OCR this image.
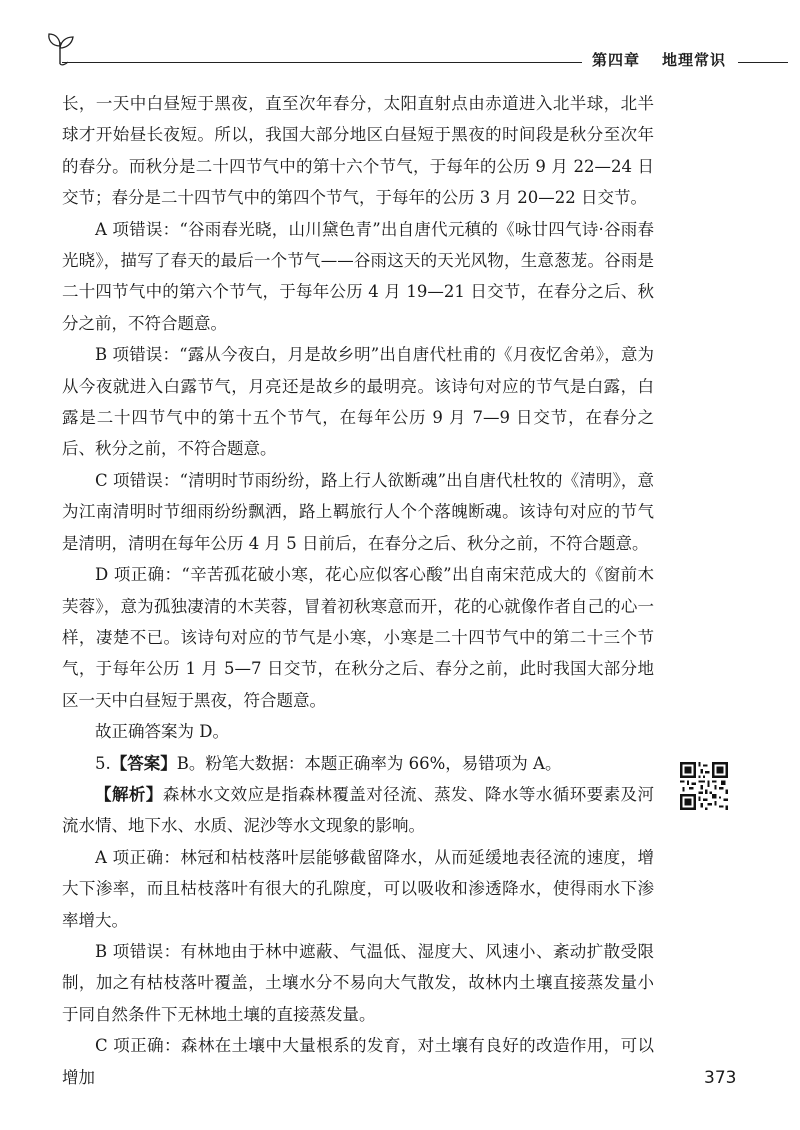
第四章 地理常识

长，一天中白昼短于黑夜，直至次年春分，太阳直射点由赤道进入北半球，北半球才开始昼长夜短。所以，我国大部分地区白昼短于黑夜的时间段是秋分至次年的春分。而秋分是二十四节气中的第十六个节气，于每年的公历 9 月 22—24 日交节；春分是二十四节气中的第四个节气，于每年的公历 3 月 20—22 日交节。

A 项错误：“谷雨春光晓，山川黛色青”出自唐代元稹的《咏廿四气诗·谷雨春光晓》，描写了春天的最后一个节气——谷雨这天的天光风物，生意葱茏。谷雨是二十四节气中的第六个节气，于每年公历 4 月 19—21 日交节，在春分之后、秋分之前，不符合题意。

B 项错误：“露从今夜白，月是故乡明”出自唐代杜甫的《月夜忆舍弟》，意为从今夜就进入白露节气，月亮还是故乡的最明亮。该诗句对应的节气是白露，白露是二十四节气中的第十五个节气，在每年公历 9 月 7—9 日交节，在春分之后、秋分之前，不符合题意。

C 项错误：“清明时节雨纷纷，路上行人欲断魂”出自唐代杜牧的《清明》，意为江南清明时节细雨纷纷飘洒，路上羁旅行人个个落魄断魂。该诗句对应的节气是清明，清明在每年公历 4 月 5 日前后，在春分之后、秋分之前，不符合题意。

D 项正确：“辛苦孤花破小寒，花心应似客心酸”出自南宋范成大的《窗前木芙蓉》，意为孤独凄清的木芙蓉，冒着初秋寒意而开，花的心就像作者自己的心一样，凄楚不已。该诗句对应的节气是小寒，小寒是二十四节气中的第二十三个节气，于每年公历 1 月 5—7 日交节，在秋分之后、春分之前，此时我国大部分地区一天中白昼短于黑夜，符合题意。

故正确答案为 D。

5.【答案】B。粉笔大数据：本题正确率为 66%，易错项为 A。

【解析】森林水文效应是指森林覆盖对径流、蒸发、降水等水循环要素及河流水情、地下水、水质、泥沙等水文现象的影响。

A 项正确：林冠和枯枝落叶层能够截留降水，从而延缓地表径流的速度，增大下渗率，而且枯枝落叶有很大的孔隙度，可以吸收和渗透降水，使得雨水下渗率增大。

B 项错误：有林地由于林中遮蔽、气温低、湿度大、风速小、紊动扩散受限制，加之有枯枝落叶覆盖，土壤水分不易向大气散发，故林内土壤直接蒸发量小于同自然条件下无林地土壤的直接蒸发量。

C 项正确：森林在土壤中大量根系的发育，对土壤有良好的改造作用，可以增加	373
